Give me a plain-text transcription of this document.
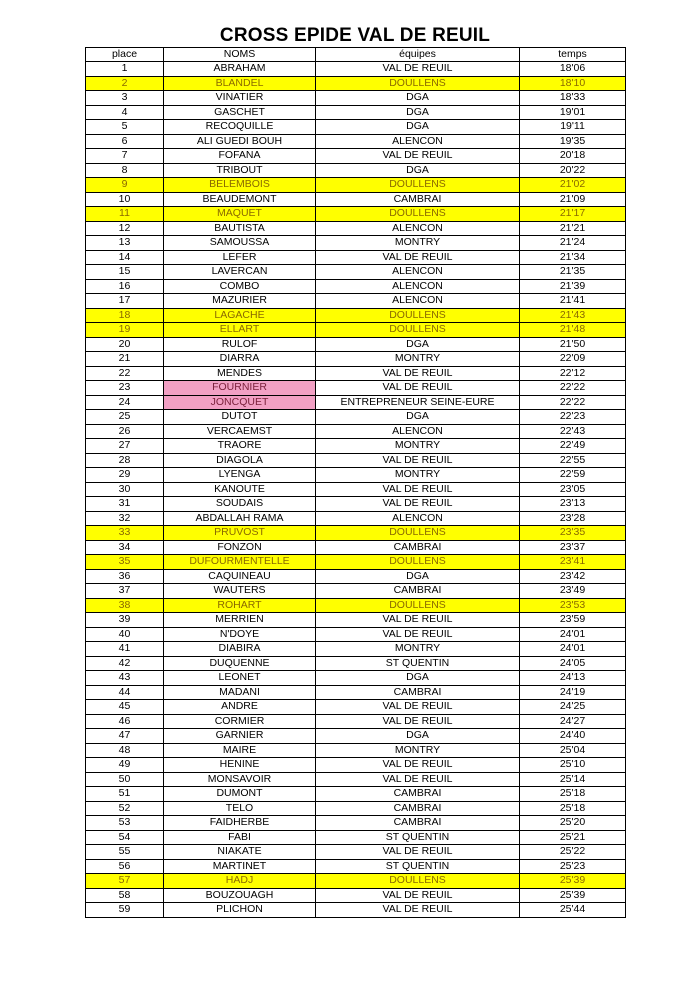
CROSS EPIDE VAL DE REUIL
place	NOMS	équipes	temps
1	ABRAHAM	VAL DE REUIL	18'06
2	BLANDEL	DOULLENS	18'10
3	VINATIER	DGA	18'33
4	GASCHET	DGA	19'01
5	RECOQUILLE	DGA	19'11
6	ALI GUEDI BOUH	ALENCON	19'35
7	FOFANA	VAL DE REUIL	20'18
8	TRIBOUT	DGA	20'22
9	BELEMBOIS	DOULLENS	21'02
10	BEAUDEMONT	CAMBRAI	21'09
11	MAQUET	DOULLENS	21'17
12	BAUTISTA	ALENCON	21'21
13	SAMOUSSA	MONTRY	21'24
14	LEFER	VAL DE REUIL	21'34
15	LAVERCAN	ALENCON	21'35
16	COMBO	ALENCON	21'39
17	MAZURIER	ALENCON	21'41
18	LAGACHE	DOULLENS	21'43
19	ELLART	DOULLENS	21'48
20	RULOF	DGA	21'50
21	DIARRA	MONTRY	22'09
22	MENDES	VAL DE REUIL	22'12
23	FOURNIER	VAL DE REUIL	22'22
24	JONCQUET	ENTREPRENEUR SEINE-EURE	22'22
25	DUTOT	DGA	22'23
26	VERCAEMST	ALENCON	22'43
27	TRAORE	MONTRY	22'49
28	DIAGOLA	VAL DE REUIL	22'55
29	LYENGA	MONTRY	22'59
30	KANOUTE	VAL DE REUIL	23'05
31	SOUDAIS	VAL DE REUIL	23'13
32	ABDALLAH RAMA	ALENCON	23'28
33	PRUVOST	DOULLENS	23'35
34	FONZON	CAMBRAI	23'37
35	DUFOURMENTELLE	DOULLENS	23'41
36	CAQUINEAU	DGA	23'42
37	WAUTERS	CAMBRAI	23'49
38	ROHART	DOULLENS	23'53
39	MERRIEN	VAL DE REUIL	23'59
40	N'DOYE	VAL DE REUIL	24'01
41	DIABIRA	MONTRY	24'01
42	DUQUENNE	ST QUENTIN	24'05
43	LEONET	DGA	24'13
44	MADANI	CAMBRAI	24'19
45	ANDRE	VAL DE REUIL	24'25
46	CORMIER	VAL DE REUIL	24'27
47	GARNIER	DGA	24'40
48	MAIRE	MONTRY	25'04
49	HENINE	VAL DE REUIL	25'10
50	MONSAVOIR	VAL DE REUIL	25'14
51	DUMONT	CAMBRAI	25'18
52	TELO	CAMBRAI	25'18
53	FAIDHERBE	CAMBRAI	25'20
54	FABI	ST QUENTIN	25'21
55	NIAKATE	VAL DE REUIL	25'22
56	MARTINET	ST QUENTIN	25'23
57	HADJ	DOULLENS	25'39
58	BOUZOUAGH	VAL DE REUIL	25'39
59	PLICHON	VAL DE REUIL	25'44
